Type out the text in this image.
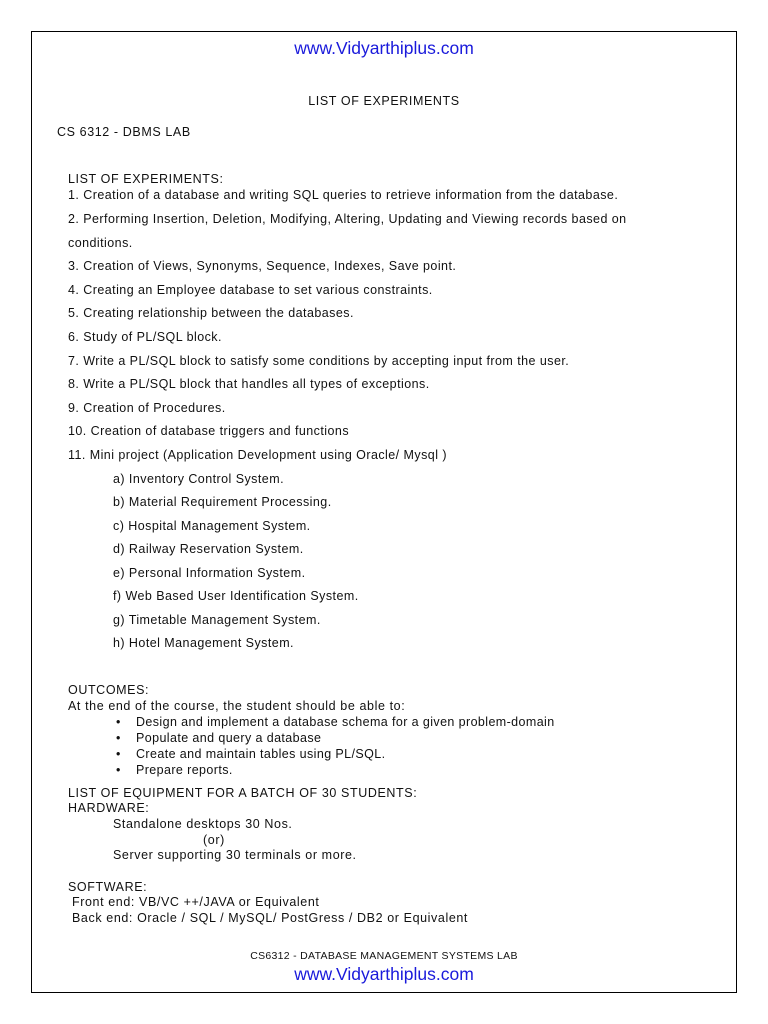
www.Vidyarthiplus.com
LIST OF EXPERIMENTS
CS 6312 - DBMS LAB
LIST OF EXPERIMENTS:
1. Creation of a database and writing SQL queries to retrieve information from the database.
2. Performing Insertion, Deletion, Modifying, Altering, Updating and Viewing records based on
conditions.
3. Creation of Views, Synonyms, Sequence, Indexes, Save point.
4. Creating an Employee database to set various constraints.
5. Creating relationship between the databases.
6. Study of PL/SQL block.
7. Write a PL/SQL block to satisfy some conditions by accepting input from the user.
8. Write a PL/SQL block that handles all types of exceptions.
9. Creation of Procedures.
10. Creation of database triggers and functions
11. Mini project (Application Development using Oracle/ Mysql )
a) Inventory Control System.
b) Material Requirement Processing.
c) Hospital Management System.
d) Railway Reservation System.
e) Personal Information System.
f) Web Based User Identification System.
g) Timetable Management System.
h) Hotel Management System.
OUTCOMES:
At the end of the course, the student should be able to:
• Design and implement a database schema for a given problem-domain
• Populate and query a database
• Create and maintain tables using PL/SQL.
• Prepare reports.
LIST OF EQUIPMENT FOR A BATCH OF 30 STUDENTS:
HARDWARE:
Standalone desktops 30 Nos.
(or)
Server supporting 30 terminals or more.
SOFTWARE:
Front end: VB/VC ++/JAVA or Equivalent
Back end: Oracle / SQL / MySQL/ PostGress / DB2 or Equivalent
CS6312 - DATABASE MANAGEMENT SYSTEMS LAB
www.Vidyarthiplus.com
